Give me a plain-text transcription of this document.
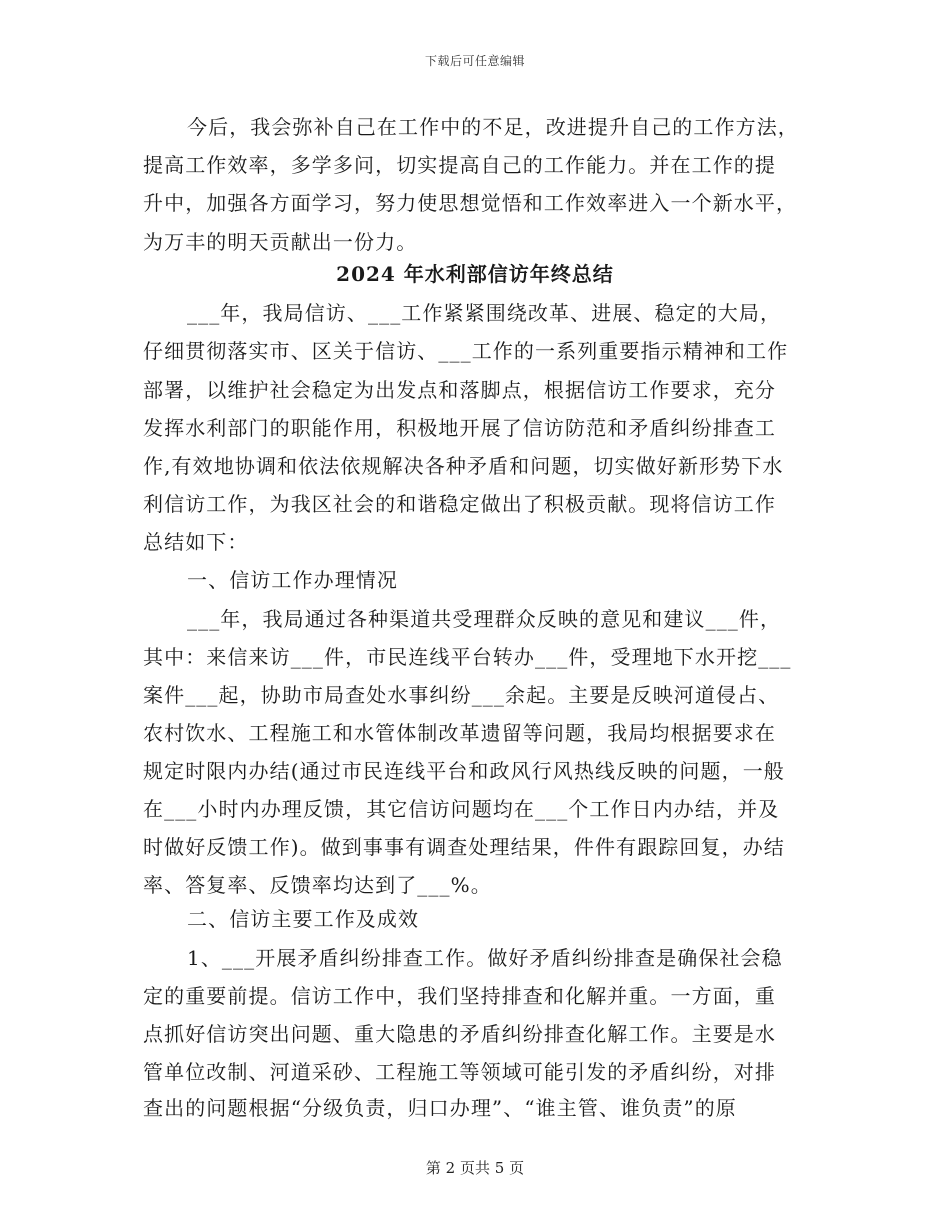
下载后可任意编辑
今后，我会弥补自己在工作中的不足，改进提升自己的工作方法，
提高工作效率，多学多问，切实提高自己的工作能力。并在工作的提
升中，加强各方面学习，努力使思想觉悟和工作效率进入一个新水平，
为万丰的明天贡献出一份力。
2024 年水利部信访年终总结
___年，我局信访、___工作紧紧围绕改革、进展、稳定的大局，
仔细贯彻落实市、区关于信访、___工作的一系列重要指示精神和工作
部署，以维护社会稳定为出发点和落脚点，根据信访工作要求，充分
发挥水利部门的职能作用，积极地开展了信访防范和矛盾纠纷排查工
作,有效地协调和依法依规解决各种矛盾和问题，切实做好新形势下水
利信访工作，为我区社会的和谐稳定做出了积极贡献。现将信访工作
总结如下：
一、信访工作办理情况
___年，我局通过各种渠道共受理群众反映的意见和建议___件，
其中：来信来访___件，市民连线平台转办___件，受理地下水开挖___
案件___起，协助市局查处水事纠纷___余起。主要是反映河道侵占、
农村饮水、工程施工和水管体制改革遗留等问题，我局均根据要求在
规定时限内办结(通过市民连线平台和政风行风热线反映的问题，一般
在___小时内办理反馈，其它信访问题均在___个工作日内办结，并及
时做好反馈工作)。做到事事有调查处理结果，件件有跟踪回复，办结
率、答复率、反馈率均达到了___%。
二、信访主要工作及成效
1、___开展矛盾纠纷排查工作。做好矛盾纠纷排查是确保社会稳
定的重要前提。信访工作中，我们坚持排查和化解并重。一方面，重
点抓好信访突出问题、重大隐患的矛盾纠纷排查化解工作。主要是水
管单位改制、河道采砂、工程施工等领域可能引发的矛盾纠纷，对排
查出的问题根据“分级负责，归口办理”、“谁主管、谁负责”的原
第 2 页共 5 页
